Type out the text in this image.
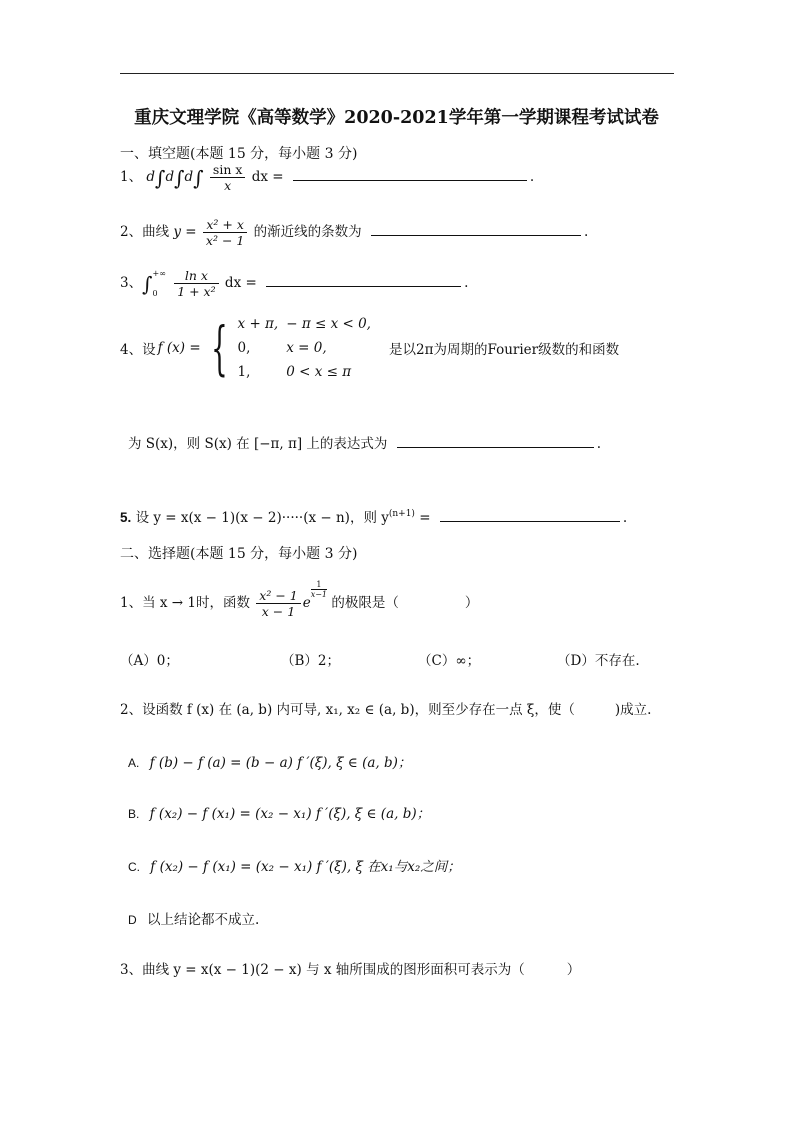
重庆文理学院《高等数学》2020-2021学年第一学期课程考试试卷
一、填空题(本题 15 分，每小题 3 分)
1、 $d\int d\int d\int \frac{\text{sin x}}{x}$ dx =	.
2、曲线 $y = \frac{\text{x² + x}}{\text{x² − 1}}$ 的渐近线的条数为	.
3、∫+∞

$0 \frac{\text{ln x}}{\text{1 + x²}}$ dx =	.
4、设 f (x) = { x + π,	− π ≤ x < 0,
0,	x = 0,
1,	0 < x ≤ π
是以2π为周期的Fourier级数的和函数
为 S(x)，则 S(x) 在 [−π, π] 上的表达式为	.
5. 设 y = x(x − 1)(x − 2)·····(x − n)，则 $y^{(n+1)}$ =	.
二、选择题(本题 15 分，每小题 3 分)
1、当 x → 1时，函数 $\frac{\text{x² − 1}}{x - 1}$ e
$\frac{1}{x-1}$
的极限是（	）
（A）0；	（B）2；	（C）∞；	（D）不存在.
2、设函数 f (x) 在 (a, b) 内可导, x₁, x₂ ∈ (a, b)，则至少存在一点 ξ，使（	)成立.
A. f (b) − f (a) = (b − a) f ′(ξ), ξ ∈ (a, b)；
B. f (x₂) − f (x₁) = (x₂ − x₁) f ′(ξ), ξ ∈ (a, b)；
C. f (x₂) − f (x₁) = (x₂ − x₁) f ′(ξ), ξ 在x₁与x₂之间；
D 以上结论都不成立.
3、曲线 y = x(x − 1)(2 − x) 与 x 轴所围成的图形面积可表示为（	）
